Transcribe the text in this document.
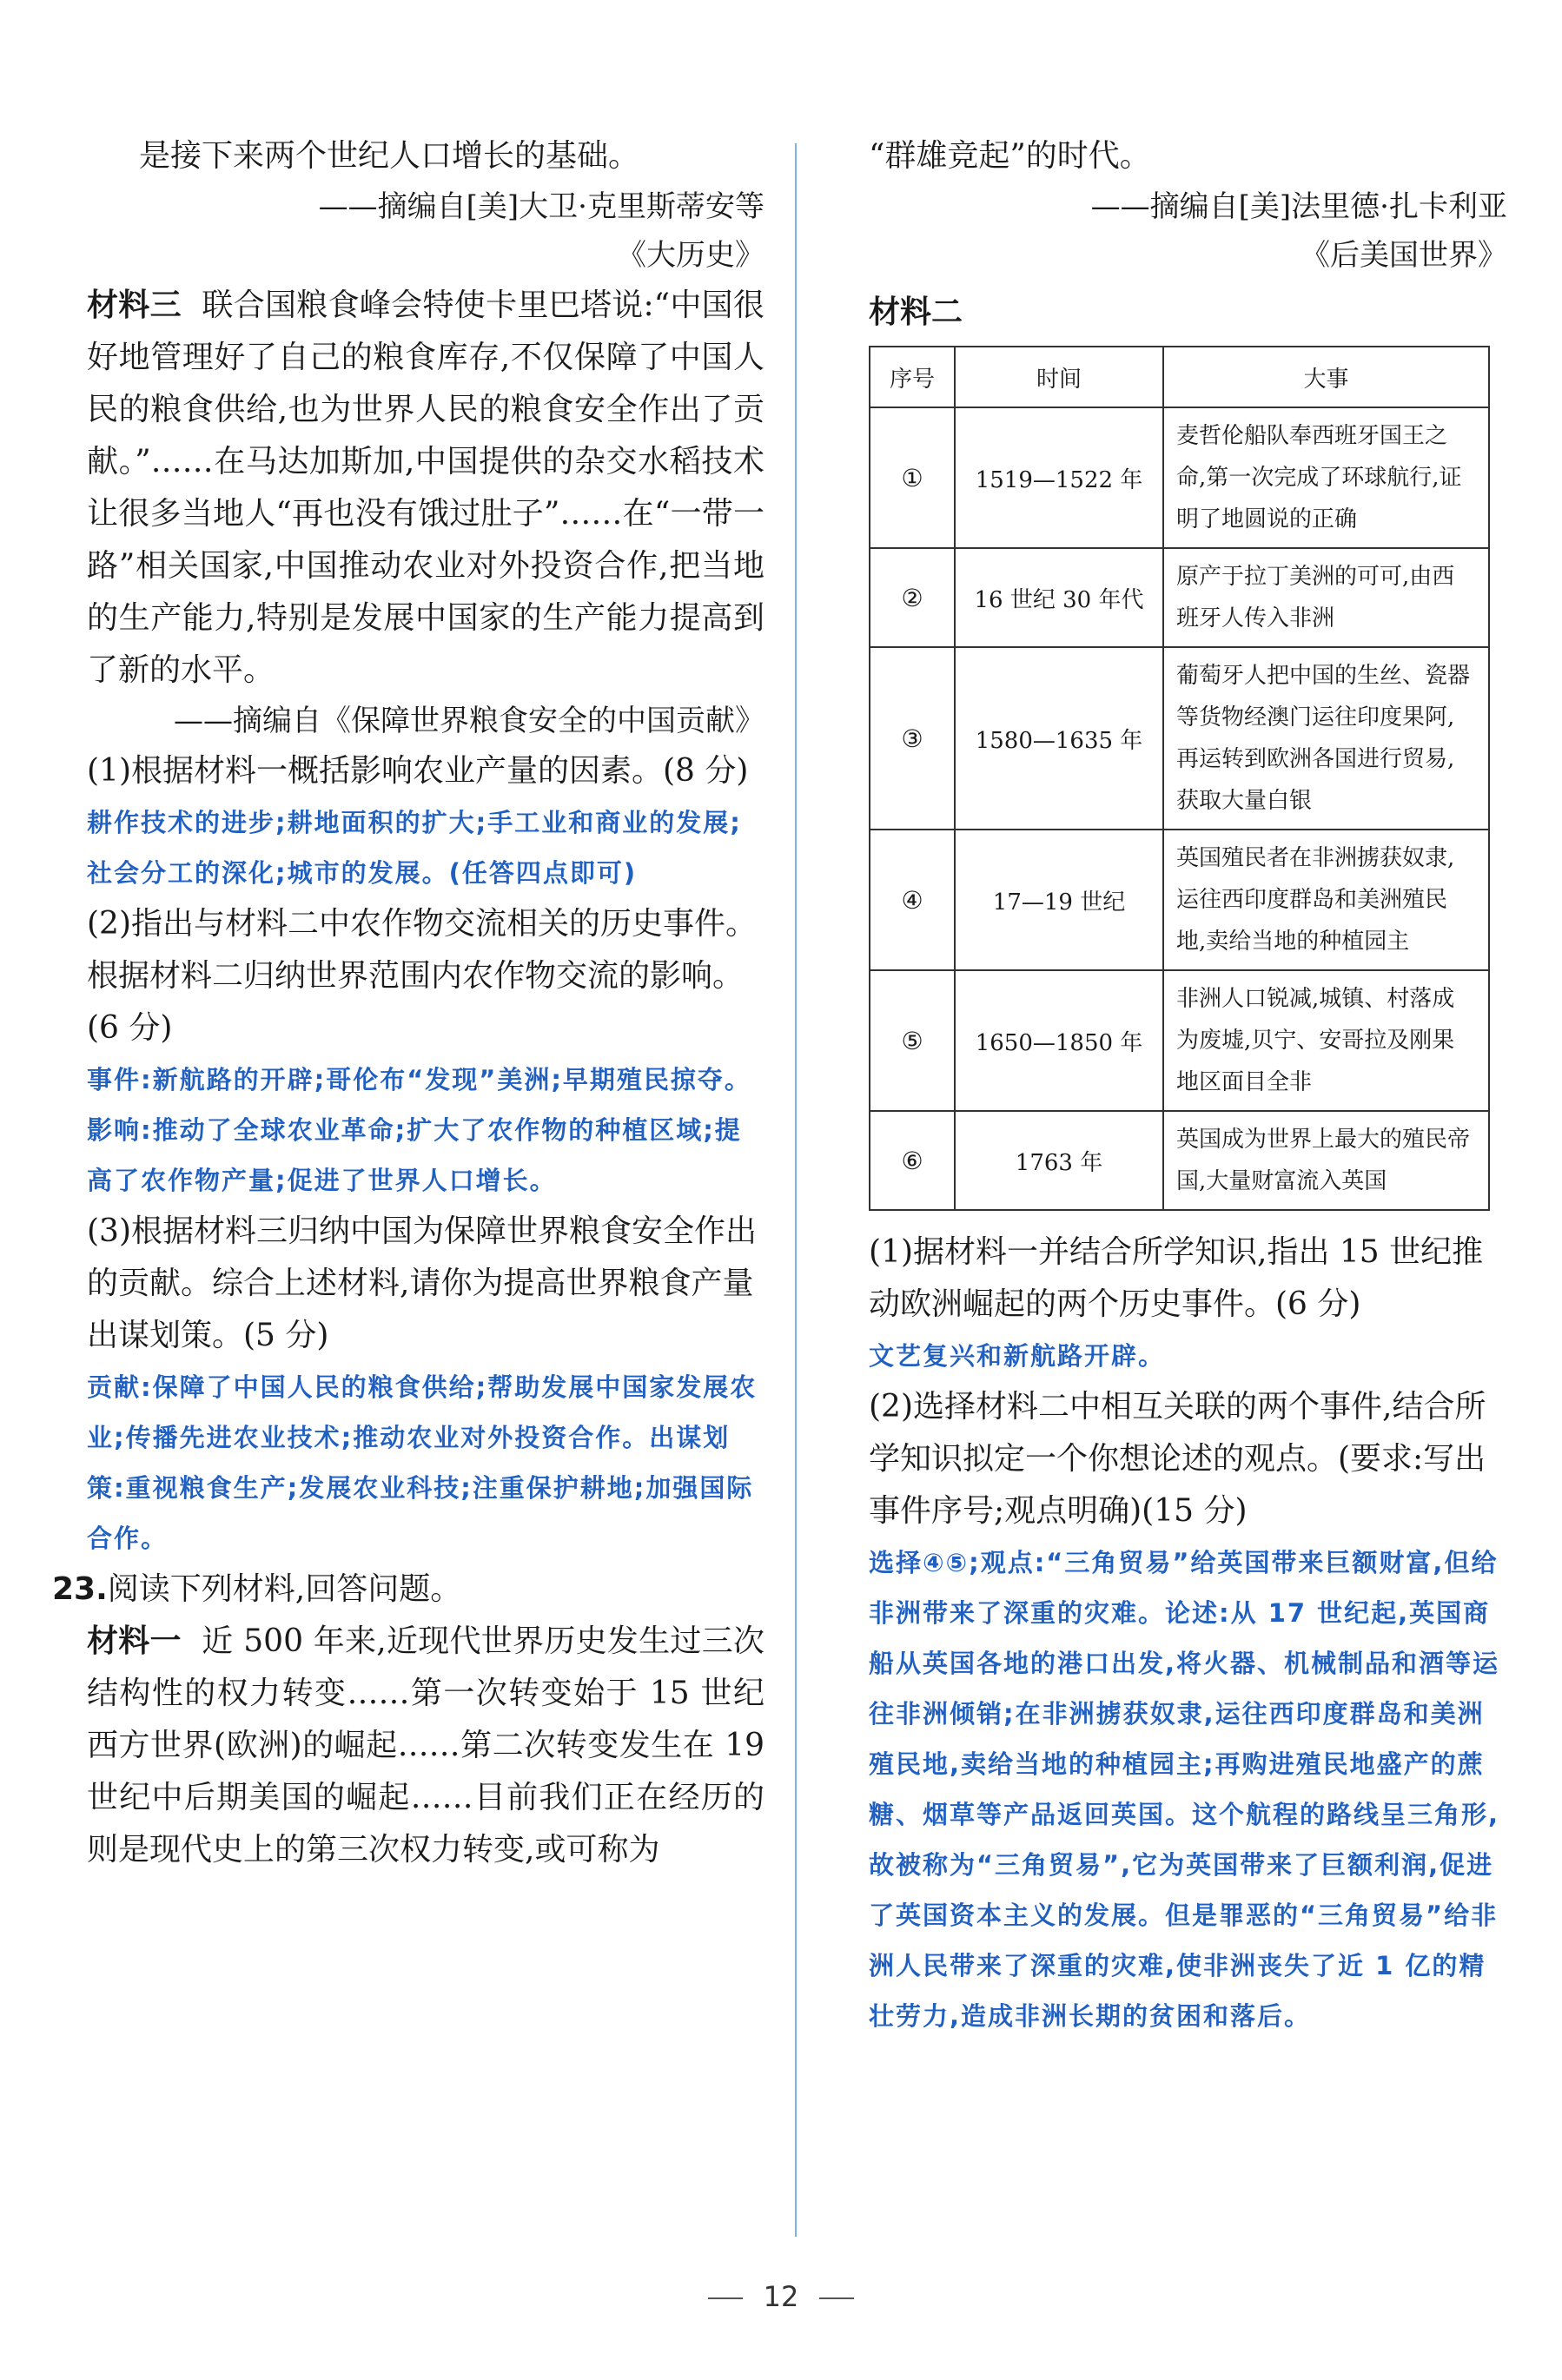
是接下来两个世纪人口增长的基础。

——摘编自[美]大卫·克里斯蒂安等

《大历史》

材料三 联合国粮食峰会特使卡里巴塔说:“中国很好地管理好了自己的粮食库存,不仅保障了中国人民的粮食供给,也为世界人民的粮食安全作出了贡献。”……在马达加斯加,中国提供的杂交水稻技术让很多当地人“再也没有饿过肚子”……在“一带一路”相关国家,中国推动农业对外投资合作,把当地的生产能力,特别是发展中国家的生产能力提高到了新的水平。

——摘编自《保障世界粮食安全的中国贡献》

(1)根据材料一概括影响农业产量的因素。(8 分)

耕作技术的进步;耕地面积的扩大;手工业和商业的发展;社会分工的深化;城市的发展。(任答四点即可)

(2)指出与材料二中农作物交流相关的历史事件。根据材料二归纳世界范围内农作物交流的影响。(6 分)

事件:新航路的开辟;哥伦布“发现”美洲;早期殖民掠夺。影响:推动了全球农业革命;扩大了农作物的种植区域;提高了农作物产量;促进了世界人口增长。

(3)根据材料三归纳中国为保障世界粮食安全作出的贡献。综合上述材料,请你为提高世界粮食产量出谋划策。(5 分)

贡献:保障了中国人民的粮食供给;帮助发展中国家发展农业;传播先进农业技术;推动农业对外投资合作。出谋划策:重视粮食生产;发展农业科技;注重保护耕地;加强国际合作。

23.阅读下列材料,回答问题。

材料一 近 500 年来,近现代世界历史发生过三次结构性的权力转变……第一次转变始于 15 世纪西方世界(欧洲)的崛起……第二次转变发生在 19 世纪中后期美国的崛起……目前我们正在经历的则是现代史上的第三次权力转变,或可称为

“群雄竞起”的时代。

——摘编自[美]法里德·扎卡利亚

《后美国世界》

材料二

序号	时间	大事
①	1519—1522 年	麦哲伦船队奉西班牙国王之命,第一次完成了环球航行,证明了地圆说的正确
②	16 世纪 30 年代	原产于拉丁美洲的可可,由西班牙人传入非洲
③	1580—1635 年	葡萄牙人把中国的生丝、瓷器等货物经澳门运往印度果阿,再运转到欧洲各国进行贸易,获取大量白银
④	17—19 世纪	英国殖民者在非洲掳获奴隶,运往西印度群岛和美洲殖民地,卖给当地的种植园主
⑤	1650—1850 年	非洲人口锐减,城镇、村落成为废墟,贝宁、安哥拉及刚果地区面目全非
⑥	1763 年	英国成为世界上最大的殖民帝国,大量财富流入英国

(1)据材料一并结合所学知识,指出 15 世纪推动欧洲崛起的两个历史事件。(6 分)

文艺复兴和新航路开辟。

(2)选择材料二中相互关联的两个事件,结合所学知识拟定一个你想论述的观点。(要求:写出事件序号;观点明确)(15 分)

选择④⑤;观点:“三角贸易”给英国带来巨额财富,但给非洲带来了深重的灾难。论述:从 17 世纪起,英国商船从英国各地的港口出发,将火器、机械制品和酒等运往非洲倾销;在非洲掳获奴隶,运往西印度群岛和美洲殖民地,卖给当地的种植园主;再购进殖民地盛产的蔗糖、烟草等产品返回英国。这个航程的路线呈三角形,故被称为“三角贸易”,它为英国带来了巨额利润,促进了英国资本主义的发展。但是罪恶的“三角贸易”给非洲人民带来了深重的灾难,使非洲丧失了近 1 亿的精壮劳力,造成非洲长期的贫困和落后。

12
